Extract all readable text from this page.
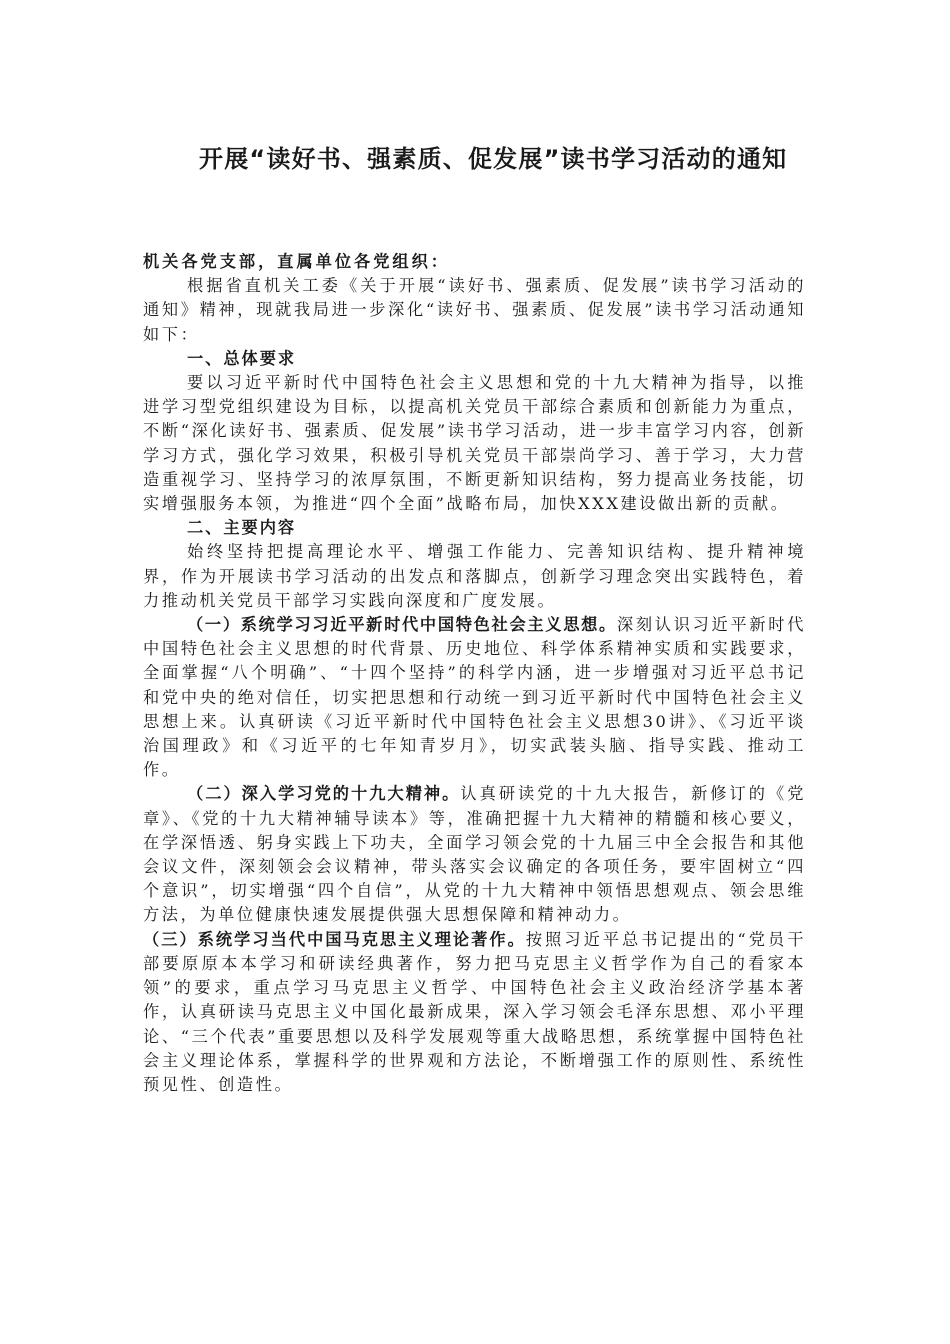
开展“读好书、强素质、促发展”读书学习活动的通知

机关各党支部，直属单位各党组织：

根据省直机关工委《关于开展“读好书、强素质、促发展”读书学习活动的通知》精神，现就我局进一步深化“读好书、强素质、促发展”读书学习活动通知如下：

一、总体要求

要以习近平新时代中国特色社会主义思想和党的十九大精神为指导，以推进学习型党组织建设为目标，以提高机关党员干部综合素质和创新能力为重点，不断“深化读好书、强素质、促发展”读书学习活动，进一步丰富学习内容，创新学习方式，强化学习效果，积极引导机关党员干部崇尚学习、善于学习，大力营造重视学习、坚持学习的浓厚氛围，不断更新知识结构，努力提高业务技能，切实增强服务本领，为推进“四个全面”战略布局，加快XXX建设做出新的贡献。

二、主要内容

始终坚持把提高理论水平、增强工作能力、完善知识结构、提升精神境界，作为开展读书学习活动的出发点和落脚点，创新学习理念突出实践特色，着力推动机关党员干部学习实践向深度和广度发展。

（一）系统学习习近平新时代中国特色社会主义思想。深刻认识习近平新时代中国特色社会主义思想的时代背景、历史地位、科学体系精神实质和实践要求，全面掌握“八个明确”、“十四个坚持”的科学内涵，进一步增强对习近平总书记和党中央的绝对信任，切实把思想和行动统一到习近平新时代中国特色社会主义思想上来。认真研读《习近平新时代中国特色社会主义思想30讲》、《习近平谈治国理政》和《习近平的七年知青岁月》，切实武装头脑、指导实践、推动工作。

（二）深入学习党的十九大精神。认真研读党的十九大报告，新修订的《党章》、《党的十九大精神辅导读本》等，准确把握十九大精神的精髓和核心要义，在学深悟透、躬身实践上下功夫，全面学习领会党的十九届三中全会报告和其他会议文件，深刻领会会议精神，带头落实会议确定的各项任务，要牢固树立“四个意识”，切实增强“四个自信”，从党的十九大精神中领悟思想观点、领会思维方法，为单位健康快速发展提供强大思想保障和精神动力。

（三）系统学习当代中国马克思主义理论著作。按照习近平总书记提出的“党员干部要原原本本学习和研读经典著作，努力把马克思主义哲学作为自己的看家本领”的要求，重点学习马克思主义哲学、中国特色社会主义政治经济学基本著作，认真研读马克思主义中国化最新成果，深入学习领会毛泽东思想、邓小平理论、“三个代表”重要思想以及科学发展观等重大战略思想，系统掌握中国特色社会主义理论体系，掌握科学的世界观和方法论，不断增强工作的原则性、系统性预见性、创造性。
